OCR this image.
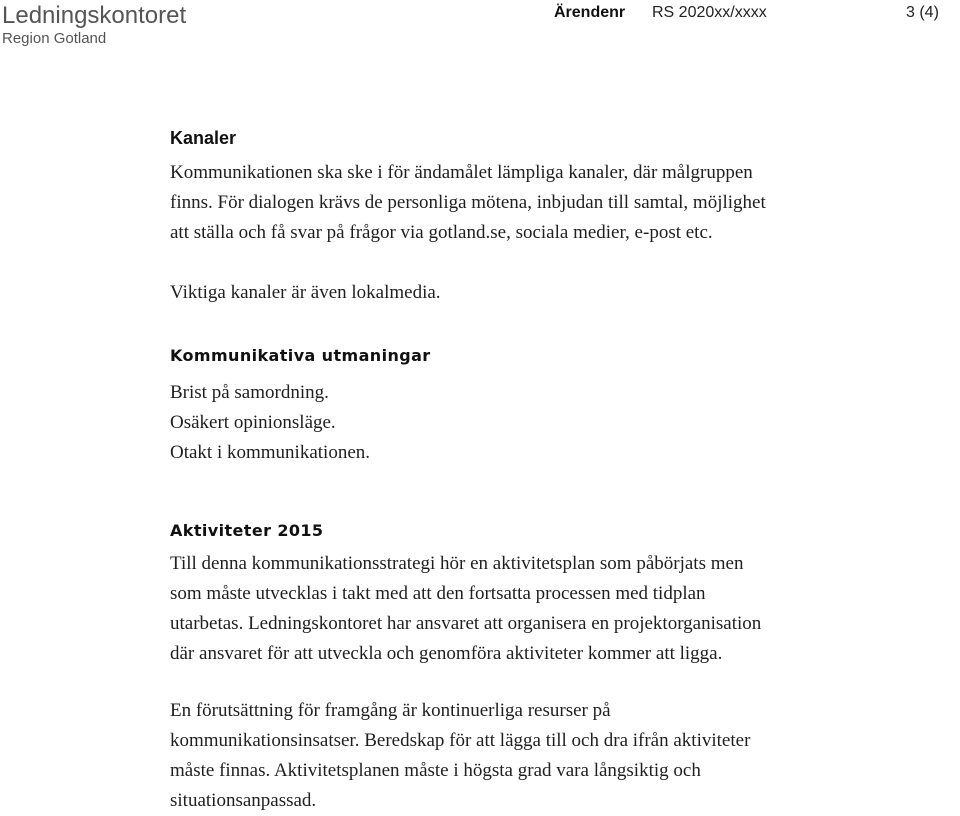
Ledningskontoret
Region Gotland
Ärendenr RS 2020xx/xxxx	3 (4)
Kanaler

Kommunikationen ska ske i för ändamålet lämpliga kanaler, där målgruppen
finns. För dialogen krävs de personliga mötena, inbjudan till samtal, möjlighet
att ställa och få svar på frågor via gotland.se, sociala medier, e-post etc.

Viktiga kanaler är även lokalmedia.

Kommunikativa utmaningar

Brist på samordning.
Osäkert opinionsläge.
Otakt i kommunikationen.

Aktiviteter 2015

Till denna kommunikationsstrategi hör en aktivitetsplan som påbörjats men
som måste utvecklas i takt med att den fortsatta processen med tidplan
utarbetas. Ledningskontoret har ansvaret att organisera en projektorganisation
där ansvaret för att utveckla och genomföra aktiviteter kommer att ligga.

En förutsättning för framgång är kontinuerliga resurser på
kommunikationsinsatser. Beredskap för att lägga till och dra ifrån aktiviteter
måste finnas. Aktivitetsplanen måste i högsta grad vara långsiktig och
situationsanpassad.
